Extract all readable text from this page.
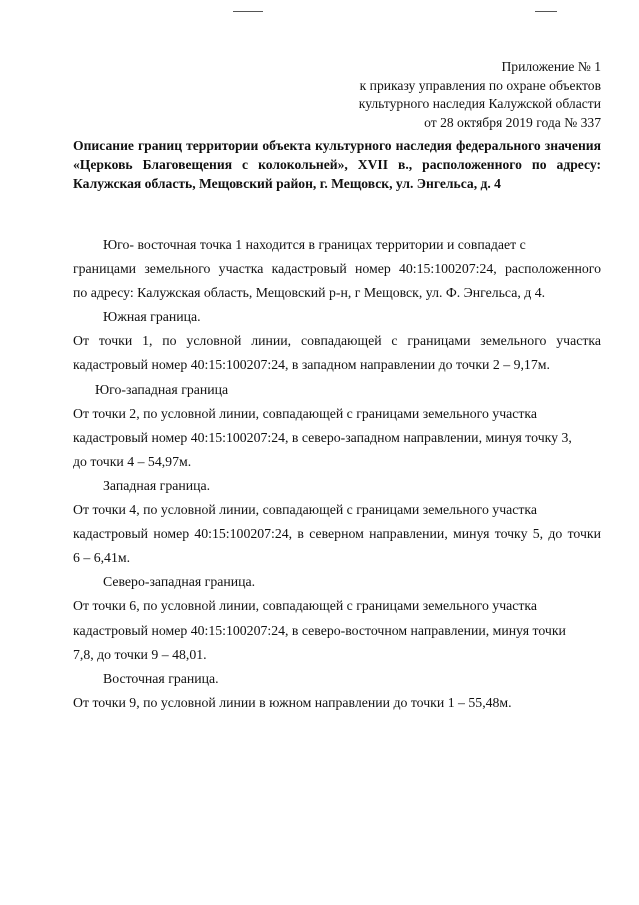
Приложение № 1
к приказу управления по охране объектов
культурного наследия Калужской области
от 28 октября 2019 года № 337
Описание границ территории объекта культурного наследия федерального значения «Церковь Благовещения с колокольней», XVII в., расположенного по адресу: Калужская область, Мещовский район, г. Мещовск, ул. Энгельса, д. 4

Юго- восточная точка 1 находится в границах территории и совпадает с
границами земельного участка кадастровый номер 40:15:100207:24, расположенного
по адресу: Калужская область, Мещовский р-н, г Мещовск, ул. Ф. Энгельса, д 4.

Южная граница.

От точки 1, по условной линии, совпадающей с границами земельного участка
кадастровый номер 40:15:100207:24, в западном направлении до точки 2 – 9,17м.

Юго-западная граница

От точки 2, по условной линии, совпадающей с границами земельного участка
кадастровый номер 40:15:100207:24, в северо-западном направлении, минуя точку 3,
до точки 4 – 54,97м.

Западная граница.

От точки 4, по условной линии, совпадающей с границами земельного участка
кадастровый номер 40:15:100207:24, в северном направлении, минуя точку 5, до точки
6 – 6,41м.

Северо-западная граница.

От точки 6, по условной линии, совпадающей с границами земельного участка
кадастровый номер 40:15:100207:24, в северо-восточном направлении, минуя точки
7,8, до точки 9 – 48,01.

Восточная граница.

От точки 9, по условной линии в южном направлении до точки 1 – 55,48м.
